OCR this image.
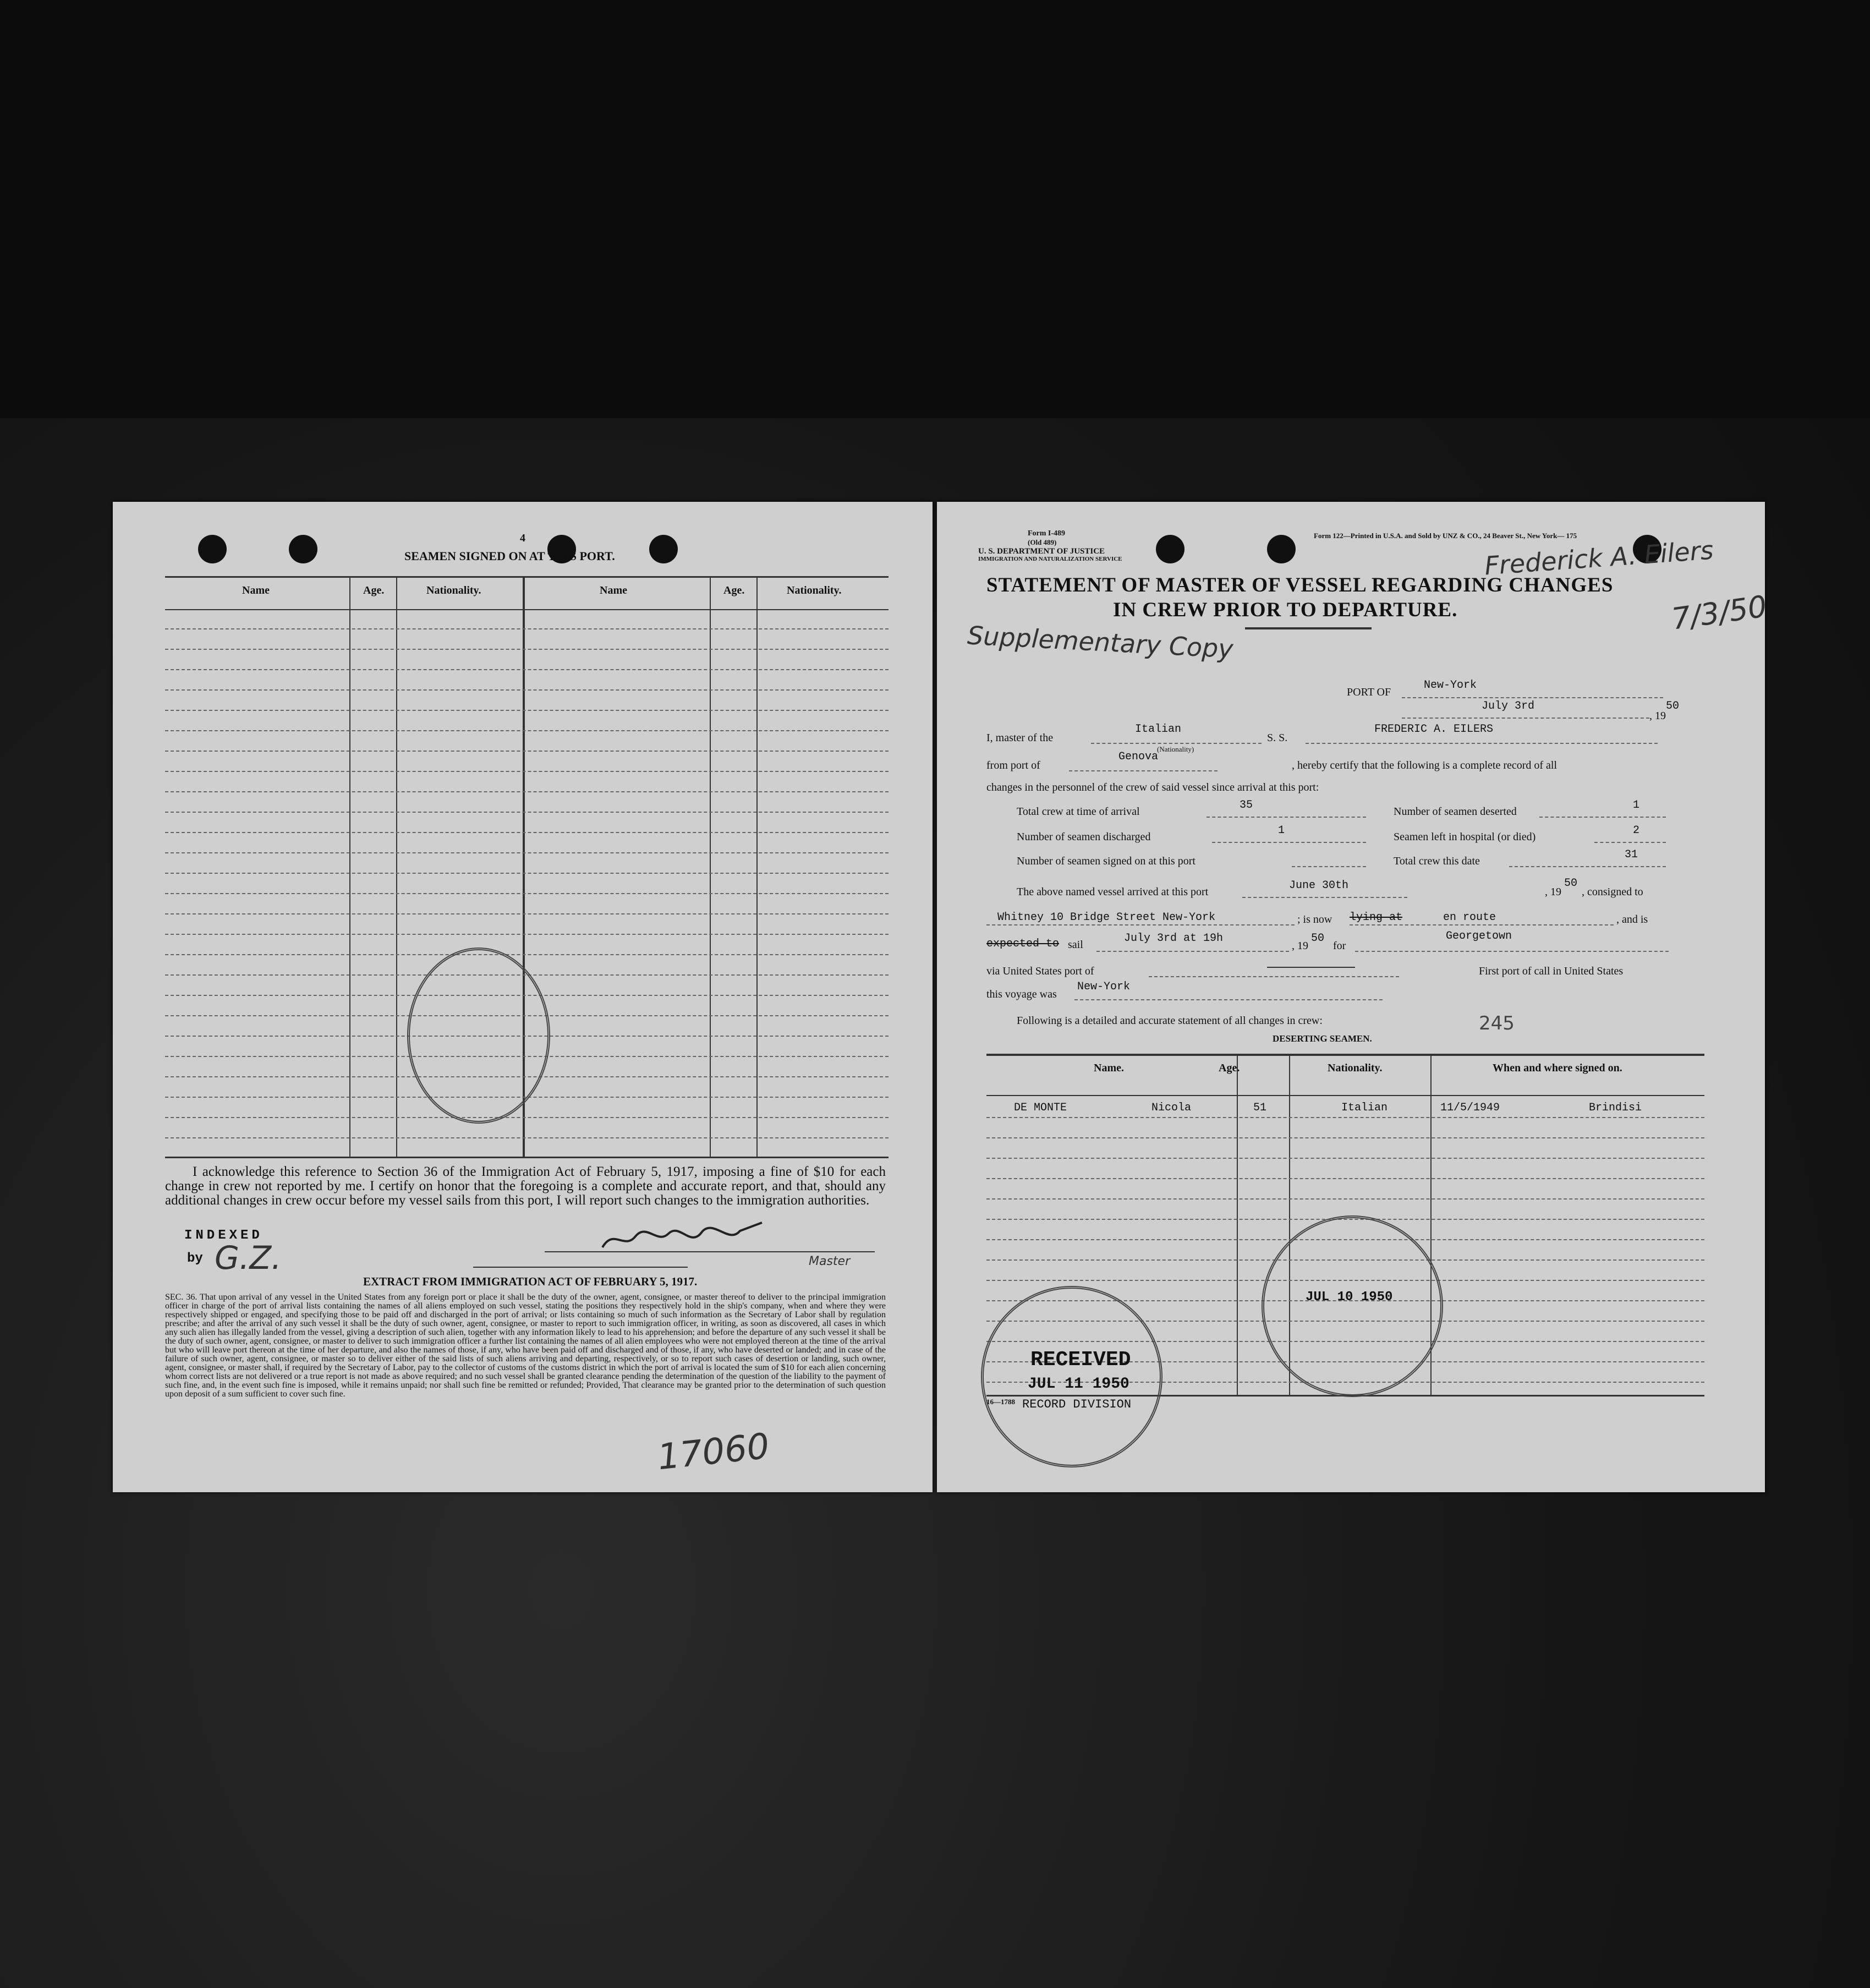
4
SEAMEN SIGNED ON AT THIS PORT.
Name	Age.	Nationality.	Name	Age.	Nationality.
I acknowledge this reference to Section 36 of the Immigration Act of February 5, 1917, imposing a fine of $10 for each change in crew not reported by me. I certify on honor that the foregoing is a complete and accurate report, and that, should any additional changes in crew occur before my vessel sails from this port, I will report such changes to the immigration authorities.
INDEXED
by G.Z.	Master
EXTRACT FROM IMMIGRATION ACT OF FEBRUARY 5, 1917.
SEC. 36. That upon arrival of any vessel in the United States from any foreign port or place it shall be the duty of the owner, agent, consignee, or master thereof to deliver to the principal immigration officer in charge of the port of arrival lists containing the names of all aliens employed on such vessel, stating the positions they respectively hold in the ship's company, when and where they were respectively shipped or engaged, and specifying those to be paid off and discharged in the port of arrival; or lists containing so much of such information as the Secretary of Labor shall by regulation prescribe; and after the arrival of any such vessel it shall be the duty of such owner, agent, consignee, or master to report to such immigration officer, in writing, as soon as discovered, all cases in which any such alien has illegally landed from the vessel, giving a description of such alien, together with any information likely to lead to his apprehension; and before the departure of any such vessel it shall be the duty of such owner, agent, consignee, or master to deliver to such immigration officer a further list containing the names of all alien employees who were not employed thereon at the time of the arrival but who will leave port thereon at the time of her departure, and also the names of those, if any, who have been paid off and discharged and of those, if any, who have deserted or landed; and in case of the failure of such owner, agent, consignee, or master so to deliver either of the said lists of such aliens arriving and departing, respectively, or so to report such cases of desertion or landing, such owner, agent, consignee, or master shall, if required by the Secretary of Labor, pay to the collector of customs of the customs district in which the port of arrival is located the sum of $10 for each alien concerning whom correct lists are not delivered or a true report is not made as above required; and no such vessel shall be granted clearance pending the determination of the question of the liability to the payment of such fine, and, in the event such fine is imposed, while it remains unpaid; nor shall such fine be remitted or refunded; Provided, That clearance may be granted prior to the determination of such question upon deposit of a sum sufficient to cover such fine.
17060
Form I-489
(Old 489)
U. S. DEPARTMENT OF JUSTICE
IMMIGRATION AND NATURALIZATION SERVICE
Form 122—Printed in U.S.A. and Sold by UNZ & CO., 24 Beaver St., New York— 175
Frederick A. Eilers
STATEMENT OF MASTER OF VESSEL REGARDING CHANGES
IN CREW PRIOR TO DEPARTURE.	7/3/50
Supplementary Copy
PORT OF
New-York
July 3rd
, 19
50
I, master of the
Italian
(Nationality)
S. S.
FREDERIC A. EILERS
from port of
Genova
, hereby certify that the following is a complete record of all
changes in the personnel of the crew of said vessel since arrival at this port:
Total crew at time of arrival	35	Number of seamen deserted	1
Number of seamen discharged	1	Seamen left in hospital (or died)	2
Number of seamen signed on at this port	Total crew this date	31
The above named vessel arrived at this port	June 30th	, 19
50
, consigned to
Whitney 10 Bridge Street New-York	; is now lying at	en route	, and is
expected to sail	July 3rd at 19h
, 19
50
for
Georgetown
via United States port of	First port of call in United States
this voyage was
New-York
Following is a detailed and accurate statement of all changes in crew:	245
DESERTING SEAMEN.
Name.	Age.	Nationality.	When and where signed on.
DE MONTE	Nicola	51	Italian	11/5/1949	Brindisi
16—1788
RECEIVED
JUL 11 1950
RECORD DIVISION
JUL 10 1950
